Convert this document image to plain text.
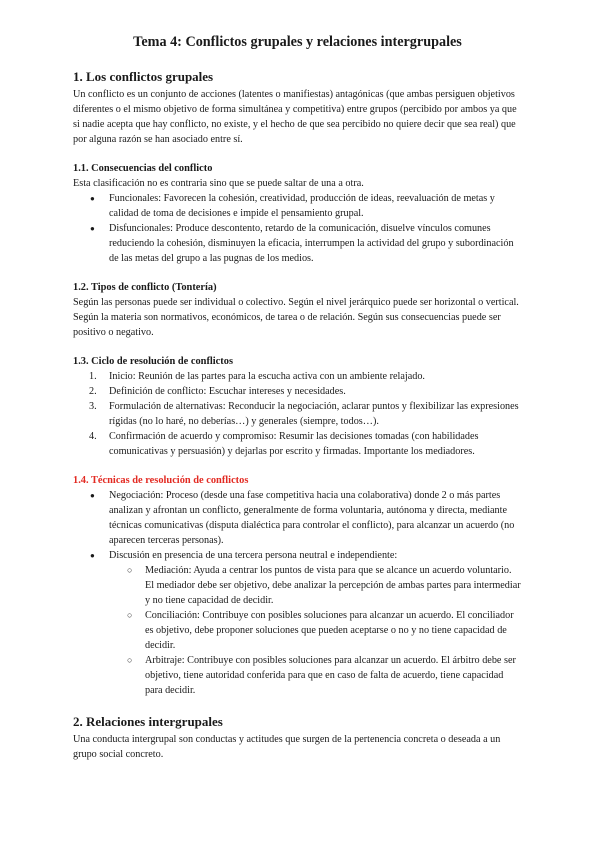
Tema 4: Conflictos grupales y relaciones intergrupales
1. Los conflictos grupales

Un conflicto es un conjunto de acciones (latentes o manifiestas) antagónicas (que ambas persiguen objetivos diferentes o el mismo objetivo de forma simultánea y competitiva) entre grupos (percibido por ambos ya que si nadie acepta que hay conflicto, no existe, y el hecho de que sea percibido no quiere decir que sea real) que por alguna razón se han asociado entre sí.

1.1. Consecuencias del conflicto

Esta clasificación no es contraria sino que se puede saltar de una a otra.

● Funcionales: Favorecen la cohesión, creatividad, producción de ideas, reevaluación de metas y calidad de toma de decisiones e impide el pensamiento grupal.
● Disfuncionales: Produce descontento, retardo de la comunicación, disuelve vínculos comunes reduciendo la cohesión, disminuyen la eficacia, interrumpen la actividad del grupo y subordinación de las metas del grupo a las pugnas de los medios.
1.2. Tipos de conflicto (Tontería)

Según las personas puede ser individual o colectivo. Según el nivel jerárquico puede ser horizontal o vertical. Según la materia son normativos, económicos, de tarea o de relación. Según sus consecuencias puede ser positivo o negativo.

1.3. Ciclo de resolución de conflictos
1. Inicio: Reunión de las partes para la escucha activa con un ambiente relajado.
2. Definición de conflicto: Escuchar intereses y necesidades.
3. Formulación de alternativas: Reconducir la negociación, aclarar puntos y flexibilizar las expresiones rígidas (no lo haré, no deberías…) y generales (siempre, todos…).
4. Confirmación de acuerdo y compromiso: Resumir las decisiones tomadas (con habilidades comunicativas y persuasión) y dejarlas por escrito y firmadas. Importante los mediadores.
1.4. Técnicas de resolución de conflictos
● Negociación: Proceso (desde una fase competitiva hacia una colaborativa) donde 2 o más partes analizan y afrontan un conflicto, generalmente de forma voluntaria, autónoma y directa, mediante técnicas comunicativas (disputa dialéctica para controlar el conflicto), para alcanzar un acuerdo (no aparecen terceras personas).
● Discusión en presencia de una tercera persona neutral e independiente:
○ Mediación: Ayuda a centrar los puntos de vista para que se alcance un acuerdo voluntario. El mediador debe ser objetivo, debe analizar la percepción de ambas partes para intermediar y no tiene capacidad de decidir.
○ Conciliación: Contribuye con posibles soluciones para alcanzar un acuerdo. El conciliador es objetivo, debe proponer soluciones que pueden aceptarse o no y no tiene capacidad de decidir.
○ Arbitraje: Contribuye con posibles soluciones para alcanzar un acuerdo. El árbitro debe ser objetivo, tiene autoridad conferida para que en caso de falta de acuerdo, tiene capacidad para decidir.
2. Relaciones intergrupales

Una conducta intergrupal son conductas y actitudes que surgen de la pertenencia concreta o deseada a un grupo social concreto.
